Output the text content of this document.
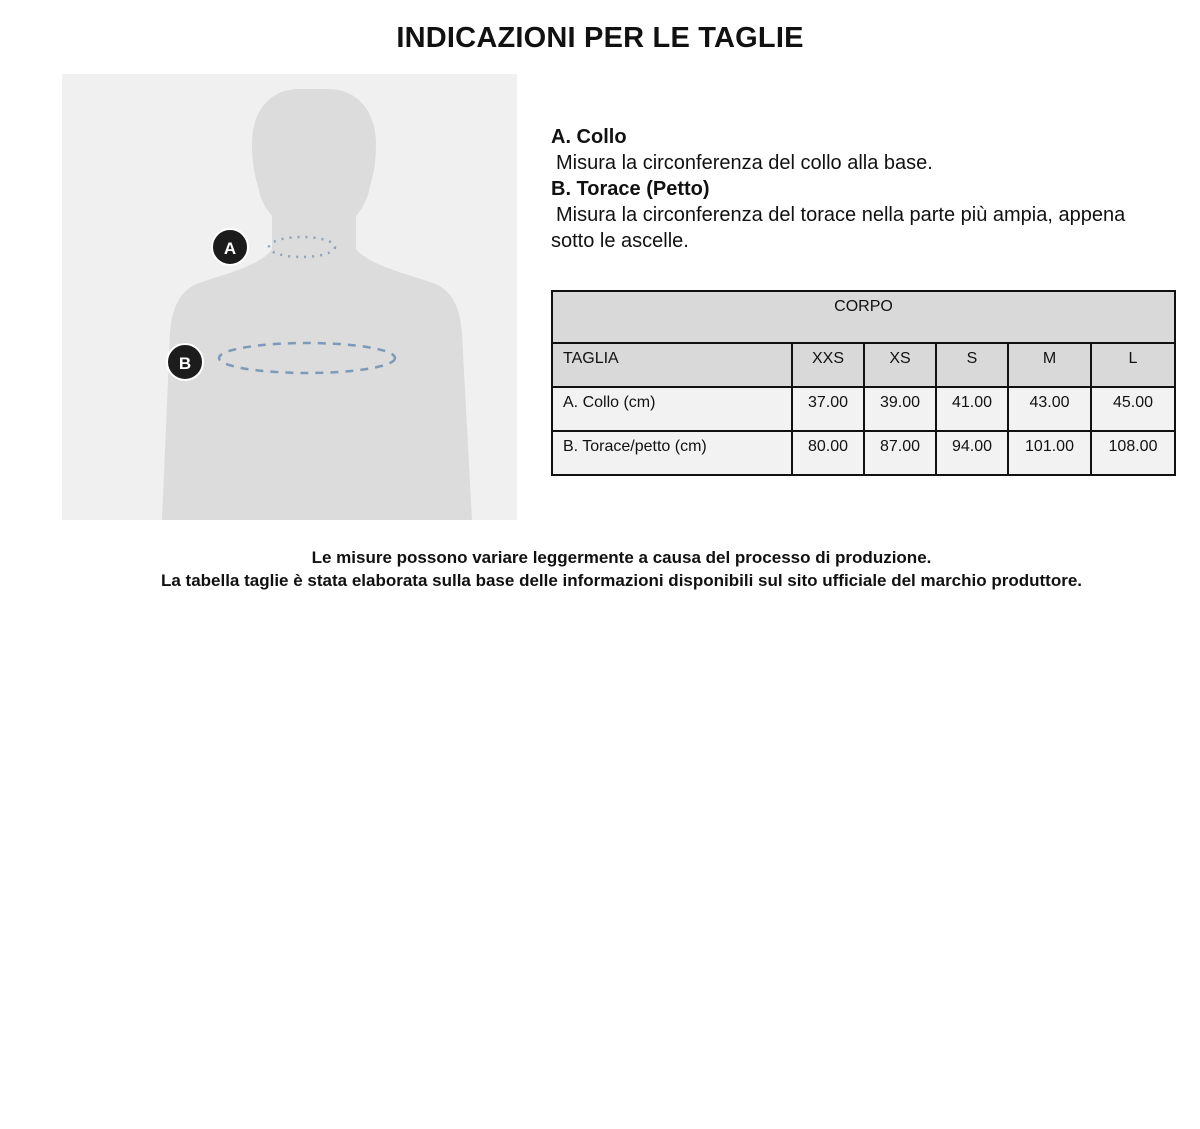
INDICAZIONI PER LE TAGLIE
A
B
A. Collo
Misura la circonferenza del collo alla base.
B. Torace (Petto)
Misura la circonferenza del torace nella parte più ampia, appena sotto le ascelle.
CORPO					
TAGLIA	XXS	XS	S	M	L
A. Collo (cm)	37.00	39.00	41.00	43.00	45.00
B. Torace/petto (cm)	80.00	87.00	94.00	101.00	108.00
Le misure possono variare leggermente a causa del processo di produzione.
La tabella taglie è stata elaborata sulla base delle informazioni disponibili sul sito ufficiale del marchio produttore.
